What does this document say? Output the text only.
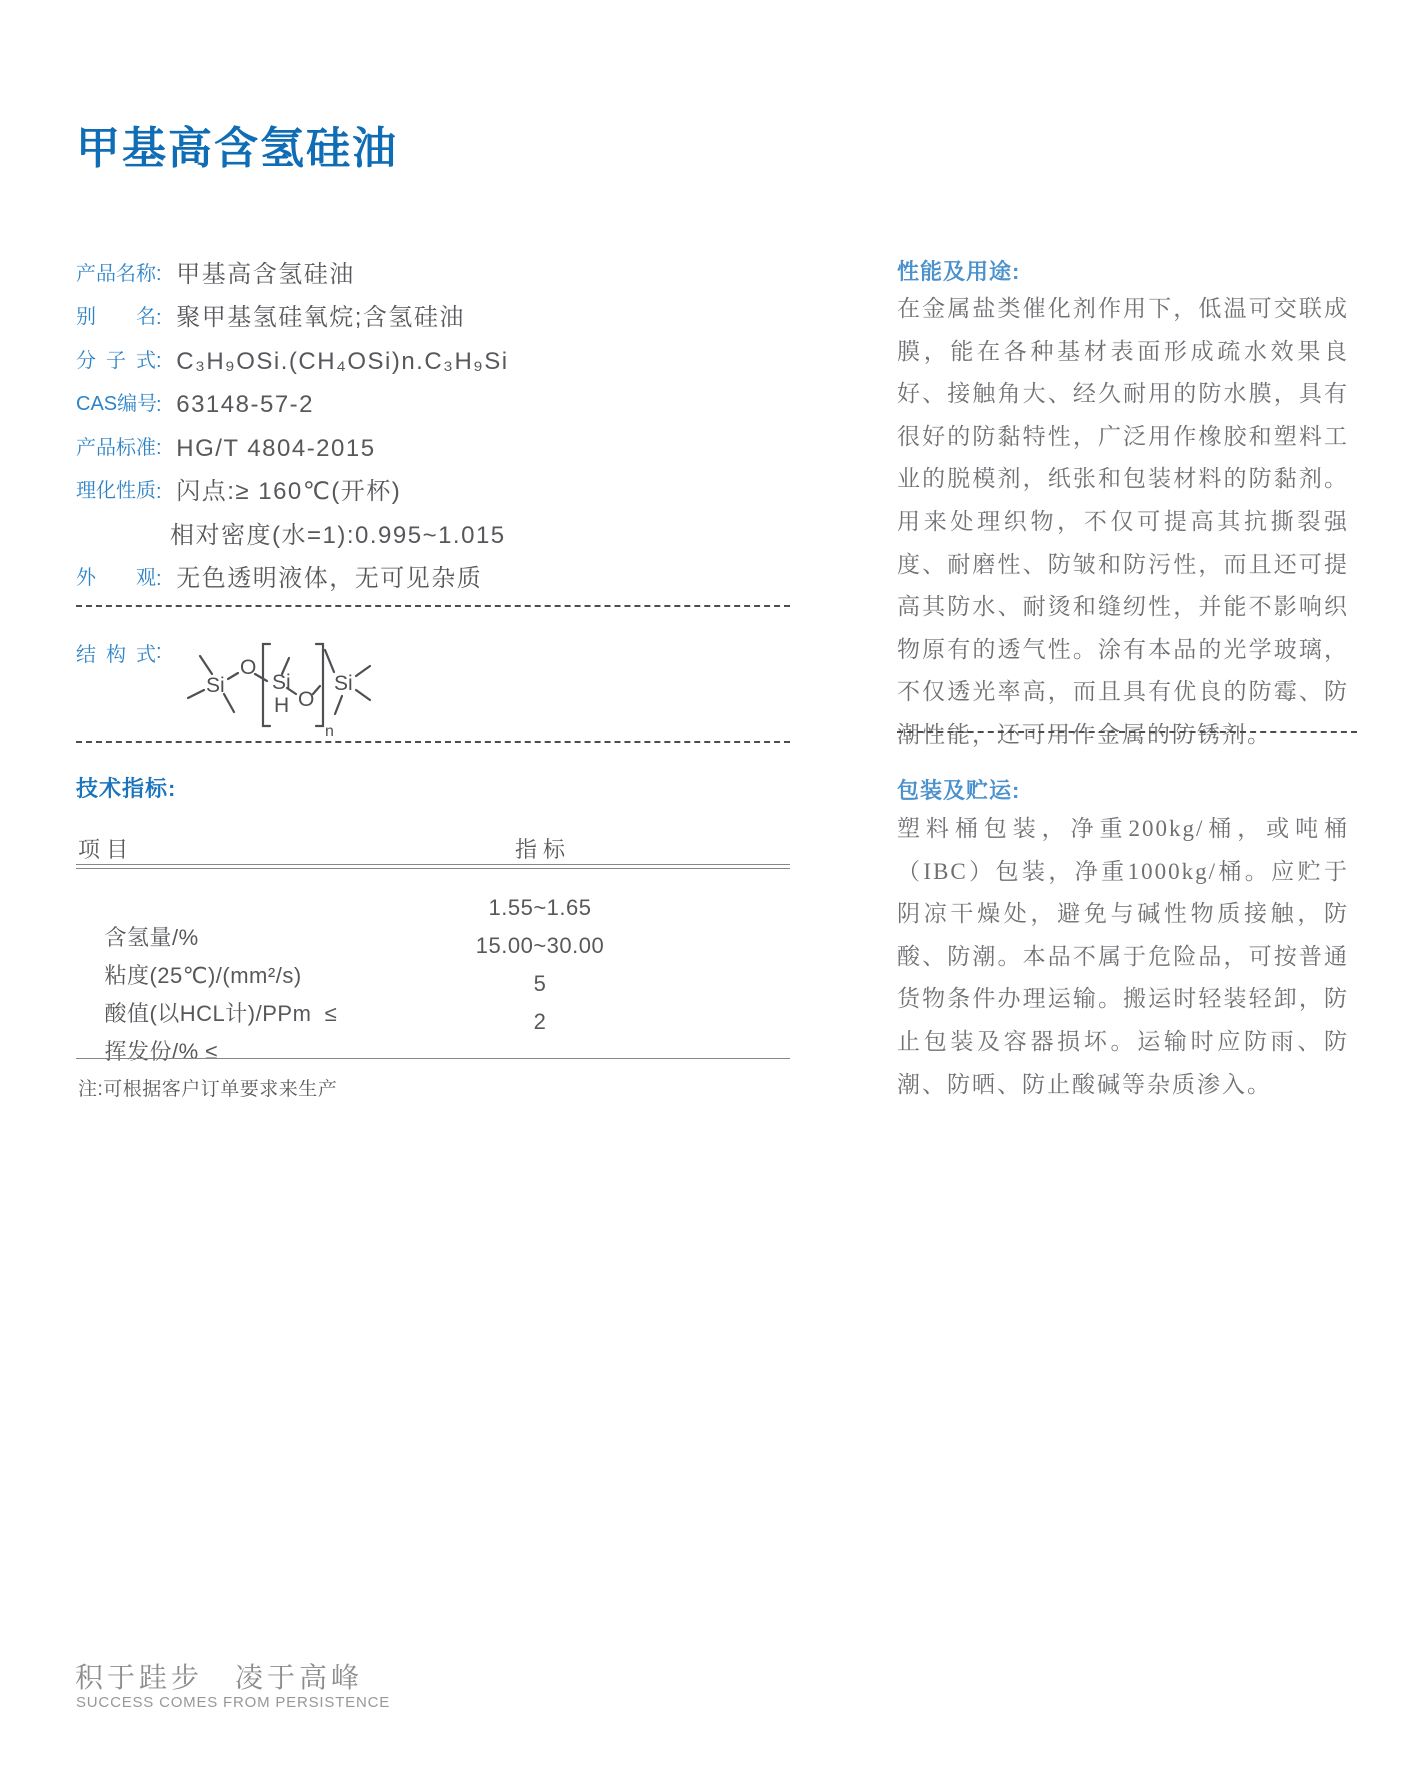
甲基高含氢硅油
产品名称: 甲基高含氢硅油
别名: 聚甲基氢硅氧烷;含氢硅油
分子式: C₃H₉OSi.(CH₄OSi)n.C₃H₉Si
CAS编号: 63148-57-2
产品标准: HG/T 4804-2015
理化性质: 闪点:≥ 160℃(开杯)
相对密度(水=1):0.995~1.015
外观: 无色透明液体，无可见杂质
结构式:
Si
O
Si
H O
n
Si
技术指标:
项 目	指 标

含氢量/%

1.55~1.65

粘度(25℃)/(mm²/s)

15.00~30.00

酸值(以HCL计)/PPm  ≤

5

挥发份/% ≤

2

注:可根据客户订单要求来生产
性能及用途:

在金属盐类催化剂作用下，低温可交联成膜，能在各种基材表面形成疏水效果良好、接触角大、经久耐用的防水膜，具有很好的防黏特性，广泛用作橡胶和塑料工业的脱模剂，纸张和包装材料的防黏剂。用来处理织物，不仅可提高其抗撕裂强度、耐磨性、防皱和防污性，而且还可提高其防水、耐烫和缝纫性，并能不影响织物原有的透气性。涂有本品的光学玻璃，不仅透光率高，而且具有优良的防霉、防潮性能，还可用作金属的防锈剂。

包装及贮运:

塑料桶包装，净重200kg/桶，或吨桶（IBC）包装，净重1000kg/桶。应贮于阴凉干燥处，避免与碱性物质接触，防酸、防潮。本品不属于危险品，可按普通货物条件办理运输。搬运时轻装轻卸，防止包装及容器损坏。运输时应防雨、防潮、防晒、防止酸碱等杂质渗入。

积于跬步　凌于高峰
SUCCESS COMES FROM PERSISTENCE
